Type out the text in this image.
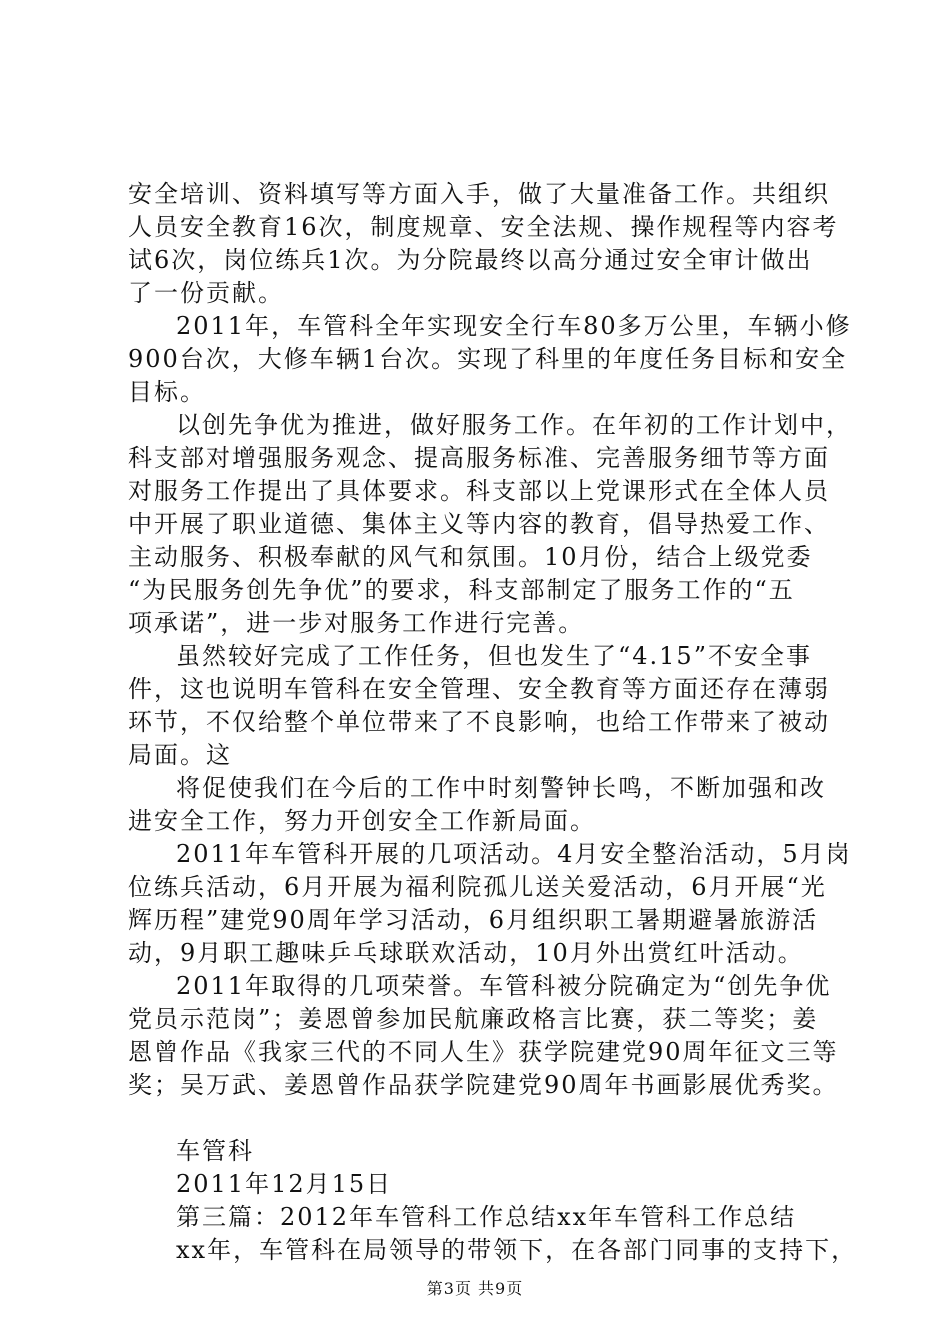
安全培训、资料填写等方面入手，做了大量准备工作。共组织
人员安全教育16次，制度规章、安全法规、操作规程等内容考
试6次，岗位练兵1次。为分院最终以高分通过安全审计做出
了一份贡献。
2011年，车管科全年实现安全行车80多万公里，车辆小修
900台次，大修车辆1台次。实现了科里的年度任务目标和安全
目标。
以创先争优为推进，做好服务工作。在年初的工作计划中，
科支部对增强服务观念、提高服务标准、完善服务细节等方面
对服务工作提出了具体要求。科支部以上党课形式在全体人员
中开展了职业道德、集体主义等内容的教育，倡导热爱工作、
主动服务、积极奉献的风气和氛围。10月份，结合上级党委
“为民服务创先争优”的要求，科支部制定了服务工作的“五
项承诺”，进一步对服务工作进行完善。
虽然较好完成了工作任务，但也发生了“4.15”不安全事
件，这也说明车管科在安全管理、安全教育等方面还存在薄弱
环节，不仅给整个单位带来了不良影响，也给工作带来了被动
局面。这
将促使我们在今后的工作中时刻警钟长鸣，不断加强和改
进安全工作，努力开创安全工作新局面。
2011年车管科开展的几项活动。4月安全整治活动，5月岗
位练兵活动，6月开展为福利院孤儿送关爱活动，6月开展“光
辉历程”建党90周年学习活动，6月组织职工暑期避暑旅游活
动，9月职工趣味乒乓球联欢活动，10月外出赏红叶活动。
2011年取得的几项荣誉。车管科被分院确定为“创先争优
党员示范岗”；姜恩曾参加民航廉政格言比赛，获二等奖；姜
恩曾作品《我家三代的不同人生》获学院建党90周年征文三等
奖；吴万武、姜恩曾作品获学院建党90周年书画影展优秀奖。
车管科
2011年12月15日
第三篇：2012年车管科工作总结xx年车管科工作总结
xx年，车管科在局领导的带领下，在各部门同事的支持下，
第3页 共9页
